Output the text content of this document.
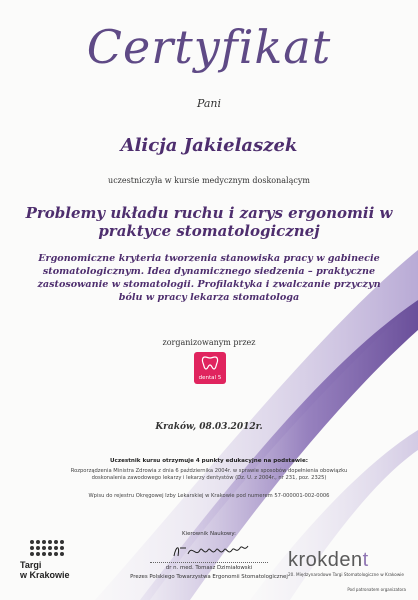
Certyfikat
Pani
Alicja Jakielaszek
uczestniczyła w kursie medycznym doskonalącym
Problemy układu ruchu i zarys ergonomii w praktyce stomatologicznej
Ergonomiczne kryteria tworzenia stanowiska pracy w gabinecie stomatologicznym. Idea dynamicznego siedzenia – praktyczne zastosowanie w stomatologii. Profilaktyka i zwalczanie przyczyn bólu w pracy lekarza stomatologa
zorganizowanym przez
dental 5
Kraków, 08.03.2012r.
Uczestnik kursu otrzymuje 4 punkty edukacyjne na podstawie:
Rozporządzenia Ministra Zdrowia z dnia 6 października 2004r. w sprawie sposobów dopełnienia obowiązku doskonalenia zawodowego lekarzy i lekarzy dentystów (Dz. U. z 2004r., nr 231, poz. 2325)
Wpisu do rejestru Okręgowej Izby Lekarskiej w Krakowie pod numerem 57-000001-002-0006
Kierownik Naukowy:
dr n. med. Tomasz Dzimiałowski
Prezes Polskiego Towarzystwa Ergonomii Stomatologicznej
Targi
w Krakowie
krokdent
20. Międzynarodowe Targi Stomatologiczne w Krakowie
Pod patronatem organizatora
